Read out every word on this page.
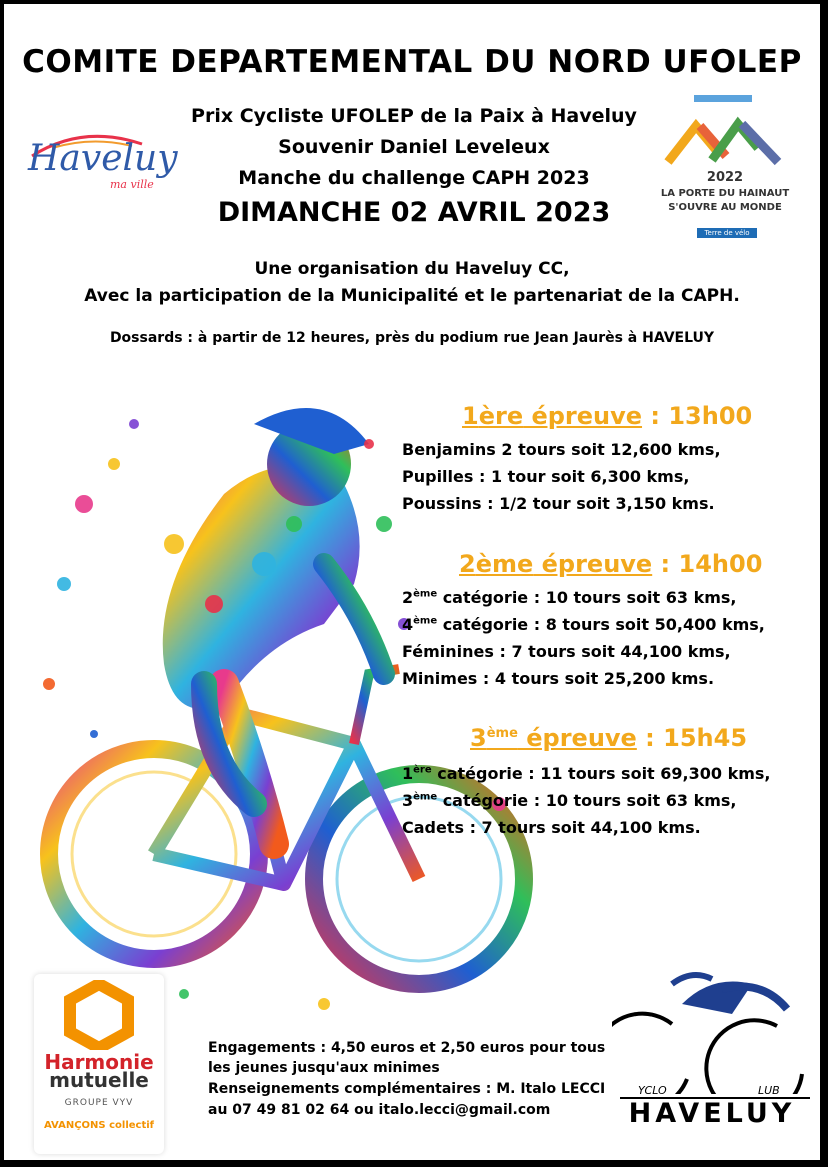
COMITE DEPARTEMENTAL DU NORD UFOLEP
Prix Cycliste UFOLEP de la Paix à Haveluy
Souvenir Daniel Leveleux
Manche du challenge CAPH 2023
DIMANCHE 02 AVRIL 2023
Haveluy
ma ville	2022
LA PORTE DU HAINAUT
S'OUVRE AU MONDE
Terre de vélo
Une organisation du Haveluy CC,
Avec la participation de la Municipalité et le partenariat de la CAPH.
Dossards : à partir de 12 heures, près du podium rue Jean Jaurès à HAVELUY
1ère épreuve : 13h00
Benjamins 2 tours soit 12,600 kms,
Pupilles : 1 tour soit 6,300 kms,
Poussins : 1/2 tour soit 3,150 kms.
2ème épreuve : 14h00
2ème catégorie : 10 tours soit 63 kms,
4ème catégorie : 8 tours soit 50,400 kms,
Féminines : 7 tours soit 44,100 kms,
Minimes : 4 tours soit 25,200 kms.
3ème épreuve : 15h45
1ère catégorie : 11 tours soit 69,300 kms,
3ème catégorie : 10 tours soit 63 kms,
Cadets : 7 tours soit 44,100 kms.
Harmonie
mutuelle
GROUPE VYV
AVANÇONS collectif
Engagements : 4,50 euros et 2,50 euros pour tous
les jeunes jusqu'aux minimes
Renseignements complémentaires : M. Italo LECCI
au 07 49 81 02 64 ou italo.lecci@gmail.com
YCLO	LUB
HAVELUY
